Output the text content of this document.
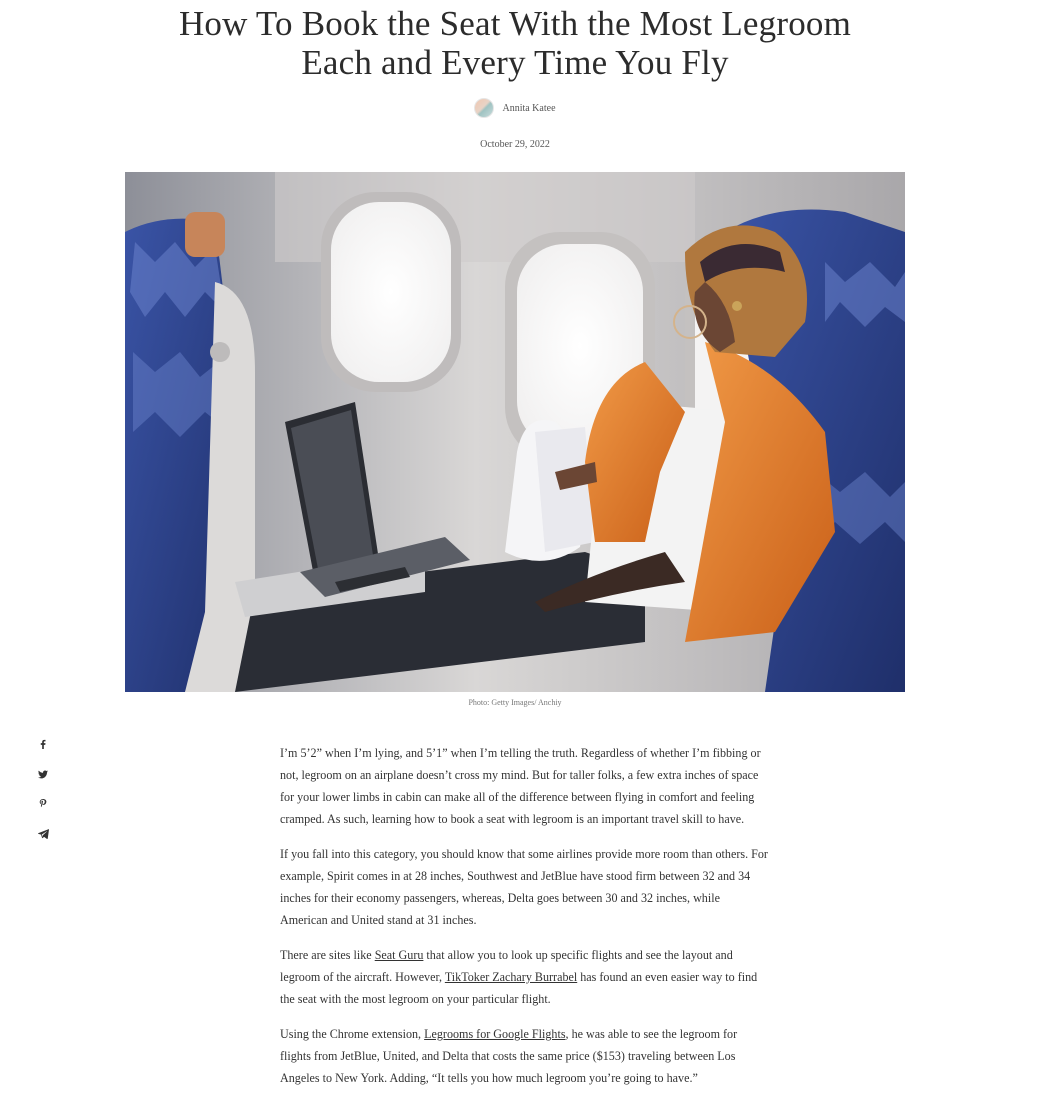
How To Book the Seat With the Most Legroom
Each and Every Time You Fly
Annita Katee
October 29, 2022
Photo: Getty Images/ Anchiy

I’m 5’2” when I’m lying, and 5’1” when I’m telling the truth. Regardless of whether I’m fibbing or not, legroom on an airplane doesn’t cross my mind. But for taller folks, a few extra inches of space for your lower limbs in cabin can make all of the difference between flying in comfort and feeling cramped. As such, learning how to book a seat with legroom is an important travel skill to have.

If you fall into this category, you should know that some airlines provide more room than others. For example, Spirit comes in at 28 inches, Southwest and JetBlue have stood firm between 32 and 34 inches for their economy passengers, whereas, Delta goes between 30 and 32 inches, while American and United stand at 31 inches.

There are sites like Seat Guru that allow you to look up specific flights and see the layout and legroom of the aircraft. However, TikToker Zachary Burrabel has found an even easier way to find the seat with the most legroom on your particular flight.

Using the Chrome extension, Legrooms for Google Flights, he was able to see the legroom for flights from JetBlue, United, and Delta that costs the same price ($153) traveling between Los Angeles to New York. Adding, “It tells you how much legroom you’re going to have.”
